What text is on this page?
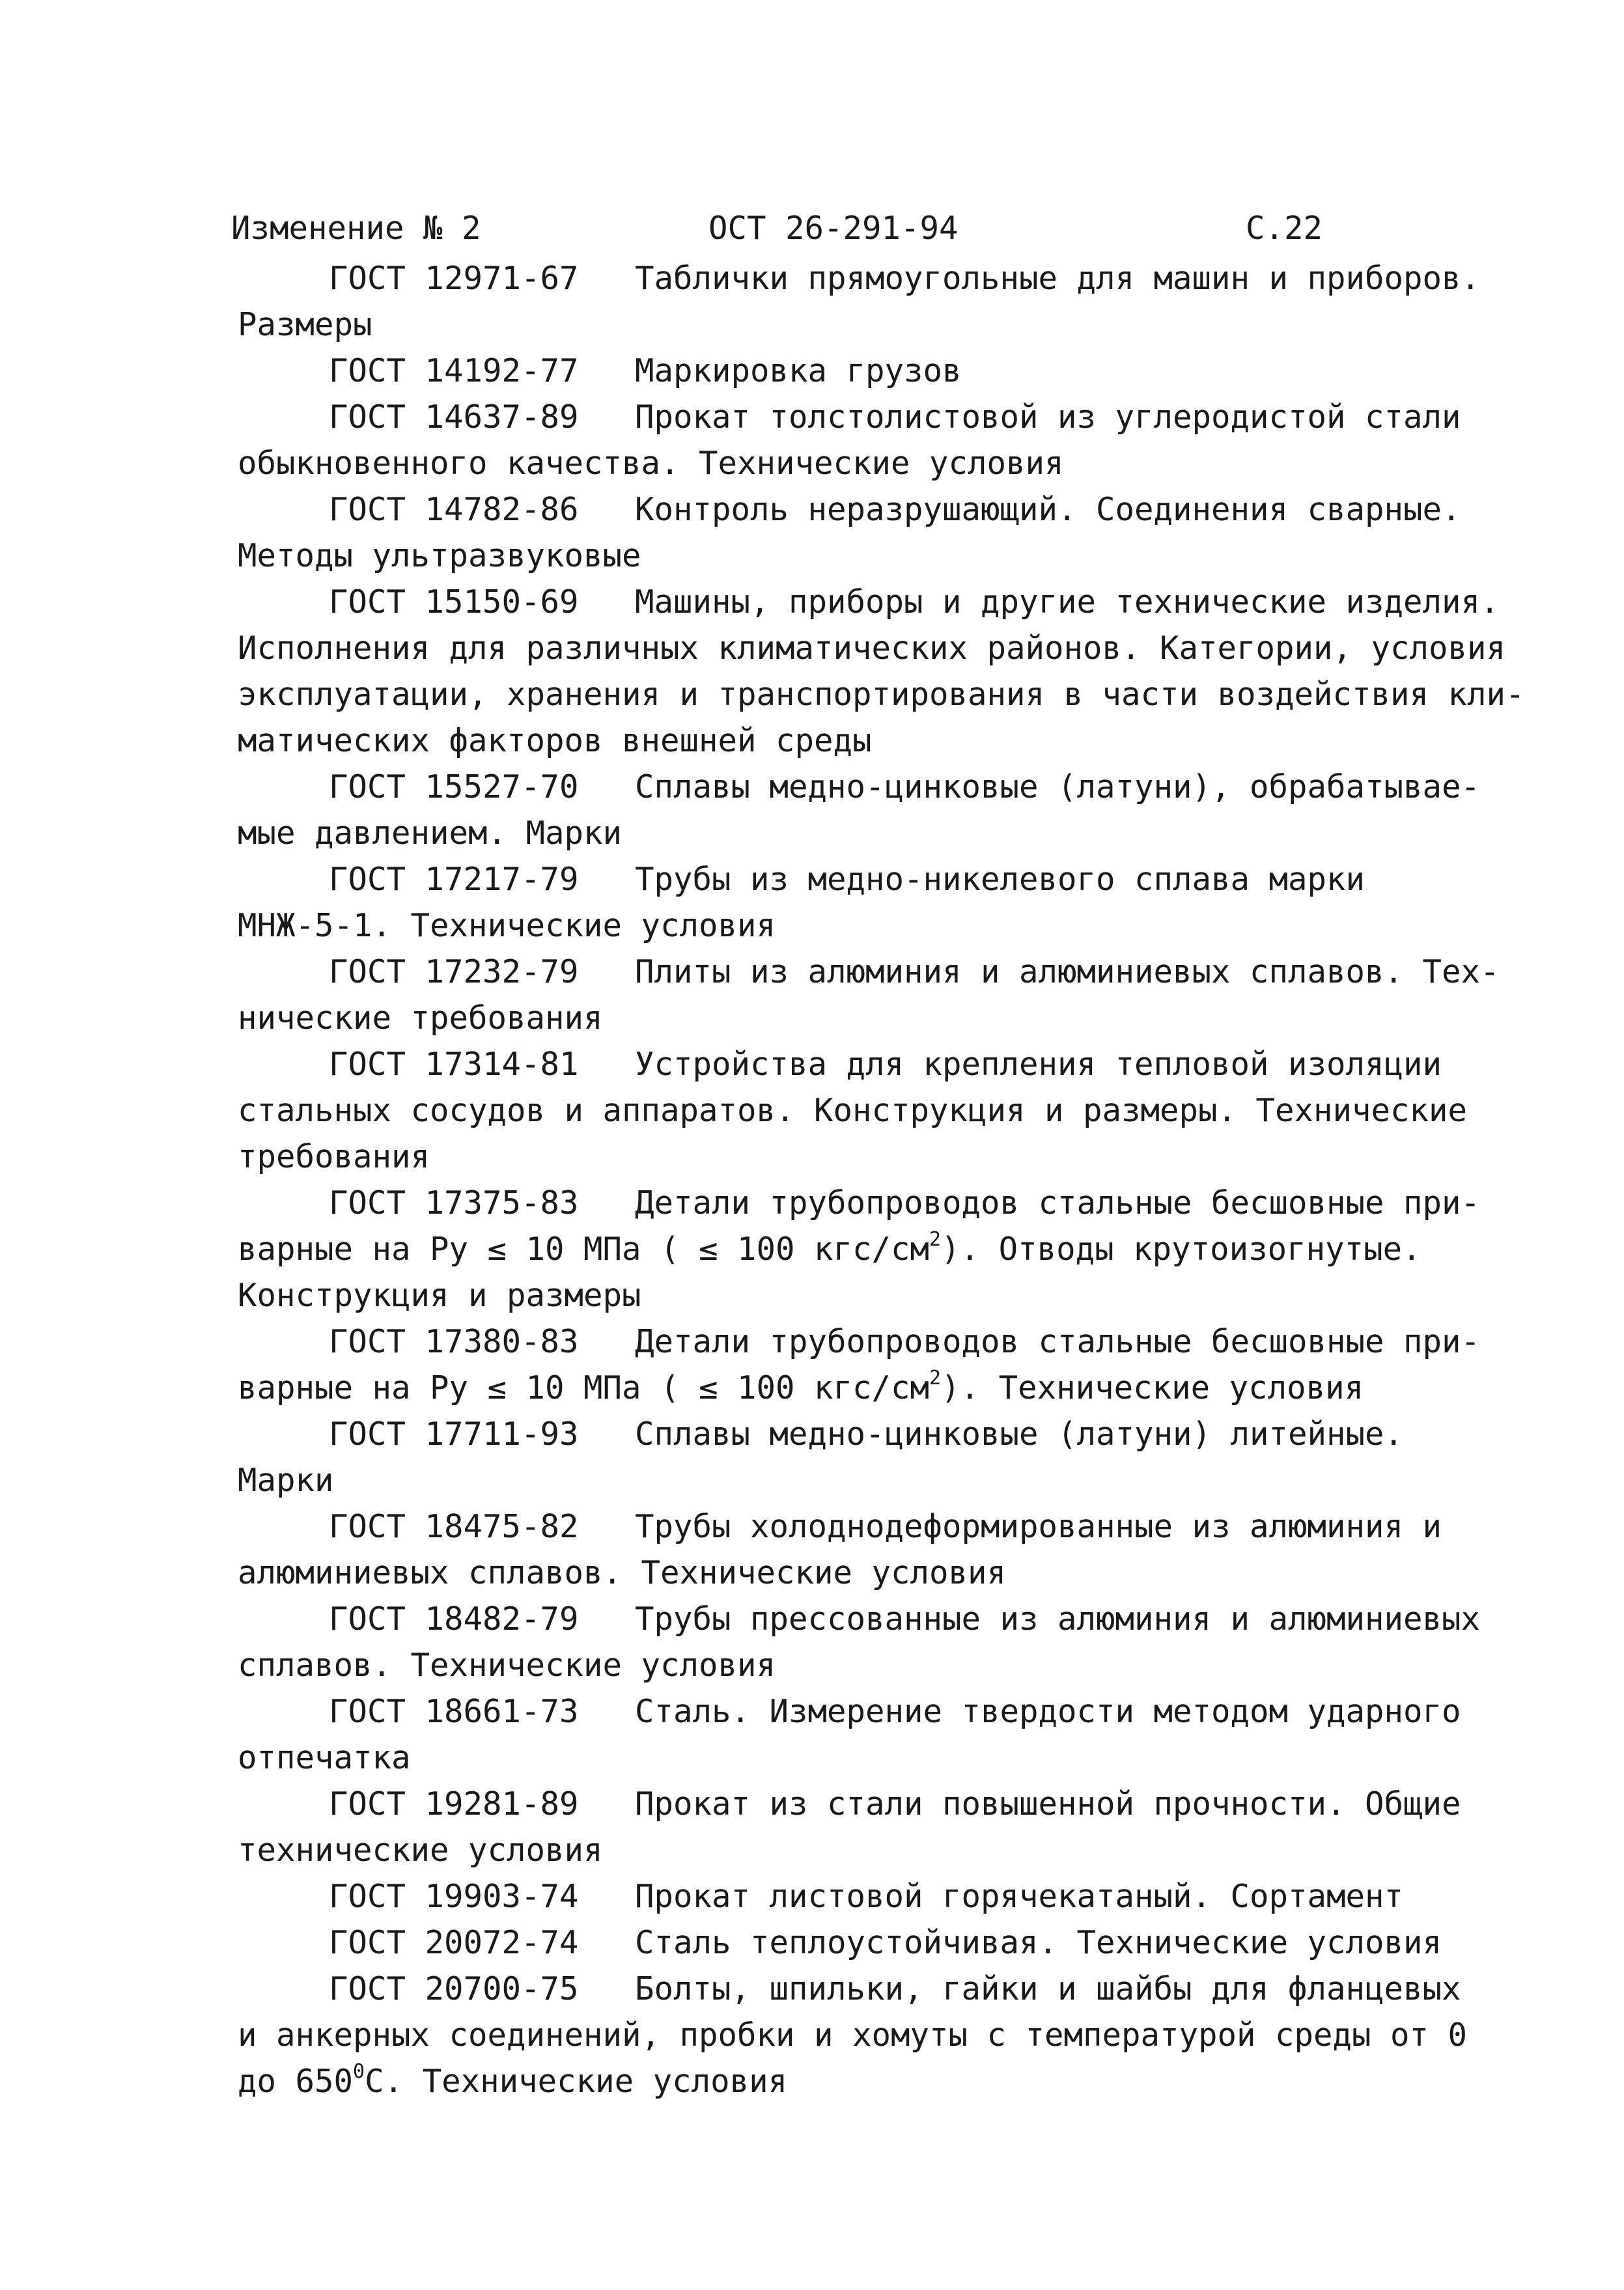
Изменение № 2	ОСТ 26-291-94	С.22
ГОСТ 12971-67 Таблички прямоугольные для машин и приборов.
Размеры
ГОСТ 14192-77 Маркировка грузов
ГОСТ 14637-89 Прокат толстолистовой из углеродистой стали
обыкновенного качества. Технические условия
ГОСТ 14782-86 Контроль неразрушающий. Соединения сварные.
Методы ультразвуковые
ГОСТ 15150-69 Машины, приборы и другие технические изделия.
Исполнения для различных климатических районов. Категории, условия
эксплуатации, хранения и транспортирования в части воздействия кли-
матических факторов внешней среды
ГОСТ 15527-70 Сплавы медно-цинковые (латуни), обрабатывае-
мые давлением. Марки
ГОСТ 17217-79 Трубы из медно-никелевого сплава марки
МНЖ-5-1. Технические условия
ГОСТ 17232-79 Плиты из алюминия и алюминиевых сплавов. Тех-
нические требования
ГОСТ 17314-81 Устройства для крепления тепловой изоляции
стальных сосудов и аппаратов. Конструкция и размеры. Технические
требования
ГОСТ 17375-83 Детали трубопроводов стальные бесшовные при-
варные на Ру ≤ 10 МПа ( ≤ 100 кгс/$см^2$). Отводы крутоизогнутые.
Конструкция и размеры
ГОСТ 17380-83 Детали трубопроводов стальные бесшовные при-
варные на Ру ≤ 10 МПа ( ≤ 100 кгс/$см^2$). Технические условия
ГОСТ 17711-93 Сплавы медно-цинковые (латуни) литейные.
Марки
ГОСТ 18475-82 Трубы холоднодеформированные из алюминия и
алюминиевых сплавов. Технические условия
ГОСТ 18482-79 Трубы прессованные из алюминия и алюминиевых
сплавов. Технические условия
ГОСТ 18661-73 Сталь. Измерение твердости методом ударного
отпечатка
ГОСТ 19281-89 Прокат из стали повышенной прочности. Общие
технические условия
ГОСТ 19903-74 Прокат листовой горячекатаный. Сортамент
ГОСТ 20072-74 Сталь теплоустойчивая. Технические условия
ГОСТ 20700-75 Болты, шпильки, гайки и шайбы для фланцевых
и анкерных соединений, пробки и хомуты с температурой среды от 0
до $650^0С$. Технические условия
